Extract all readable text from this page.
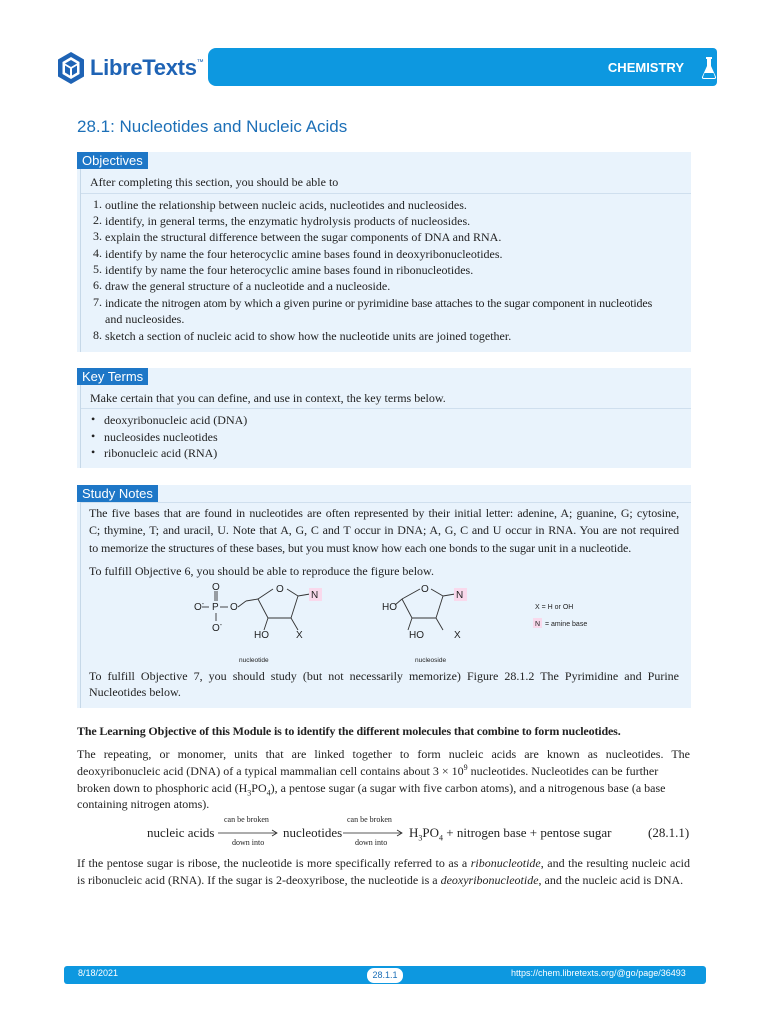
LibreTexts™	CHEMISTRY
28.1: Nucleotides and Nucleic Acids
Objectives
After completing this section, you should be able to
1. outline the relationship between nucleic acids, nucleotides and nucleosides.
2. identify, in general terms, the enzymatic hydrolysis products of nucleosides.
3. explain the structural difference between the sugar components of DNA and RNA.
4. identify by name the four heterocyclic amine bases found in deoxyribonucleotides.
5. identify by name the four heterocyclic amine bases found in ribonucleotides.
6. draw the general structure of a nucleotide and a nucleoside.
7. indicate the nitrogen atom by which a given purine or pyrimidine base attaches to the sugar component in nucleotides
and nucleosides.
8. sketch a section of nucleic acid to show how the nucleotide units are joined together.
Key Terms
Make certain that you can define, and use in context, the key terms below.
• deoxyribonucleic acid (DNA)
• nucleosides nucleotides
• ribonucleic acid (RNA)
Study Notes
The five bases that are found in nucleotides are often represented by their initial letter: adenine, A; guanine, G; cytosine,
C; thymine, T; and uracil, U. Note that A, G, C and T occur in DNA; A, G, C and U occur in RNA. You are not required
to memorize the structures of these bases, but you must know how each one bonds to the sugar unit in a nucleotide.
To fulfill Objective 6, you should be able to reproduce the figure below.
O- P
O
O-
O
O
N
HO	X
nucleotide
HO
O
N
HO	X
nucleoside
X = H or OH
N = amine base
To fulfill Objective 7, you should study (but not necessarily memorize) Figure 28.1.2 The Pyrimidine and Purine
Nucleotides below.
The Learning Objective of this Module is to identify the different molecules that combine to form nucleotides.
The repeating, or monomer, units that are linked together to form nucleic acids are known as nucleotides. The
deoxyribonucleic acid (DNA) of a typical mammalian cell contains about $3 \times 10^9$ nucleotides. Nucleotides can be further
broken down to phosphoric acid $(H_3PO_4)$, a pentose sugar (a sugar with five carbon atoms), and a nitrogenous base (a base
containing nitrogen atoms).
nucleic acids
can be broken
down into
nucleotides
can be broken
down into
$H_3PO_4$ + nitrogen base + pentose sugar	(28.1.1)
If the pentose sugar is ribose, the nucleotide is more specifically referred to as a ribonucleotide, and the resulting nucleic acid
is ribonucleic acid (RNA). If the sugar is 2-deoxyribose, the nucleotide is a deoxyribonucleotide, and the nucleic acid is DNA.
8/18/2021	28.1.1	https://chem.libretexts.org/@go/page/36493
